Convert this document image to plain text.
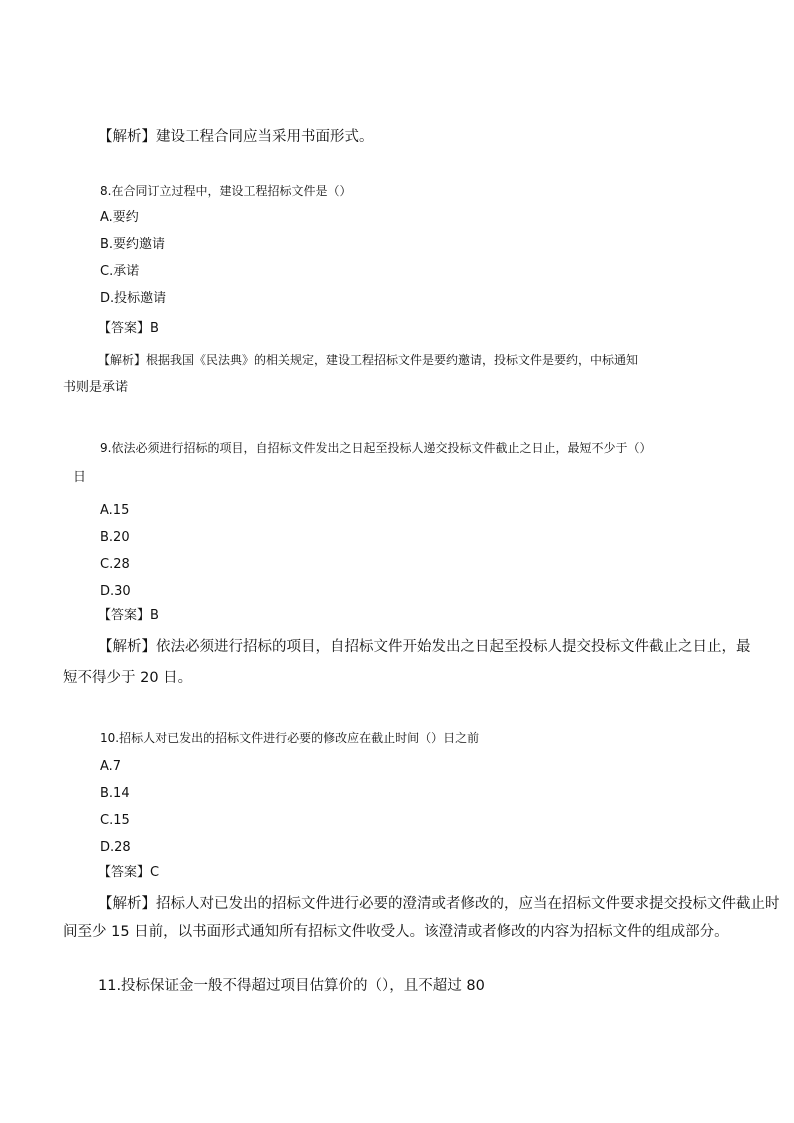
【解析】建设工程合同应当采用书面形式。
8.在合同订立过程中，建设工程招标文件是（）
A.要约
B.要约邀请
C.承诺
D.投标邀请
【答案】B
【解析】根据我国《民法典》的相关规定，建设工程招标文件是要约邀请，投标文件是要约，中标通知
书则是承诺
9.依法必须进行招标的项目，自招标文件发出之日起至投标人递交投标文件截止之日止，最短不少于（）
日
A.15
B.20
C.28
D.30
【答案】B
【解析】依法必须进行招标的项目，自招标文件开始发出之日起至投标人提交投标文件截止之日止，最
短不得少于 20 日。
10.招标人对已发出的招标文件进行必要的修改应在截止时间（）日之前
A.7
B.14
C.15
D.28
【答案】C
【解析】招标人对已发出的招标文件进行必要的澄清或者修改的，应当在招标文件要求提交投标文件截止时
间至少 15 日前，以书面形式通知所有招标文件收受人。该澄清或者修改的内容为招标文件的组成部分。
11.投标保证金一般不得超过项目估算价的（），且不超过 80
